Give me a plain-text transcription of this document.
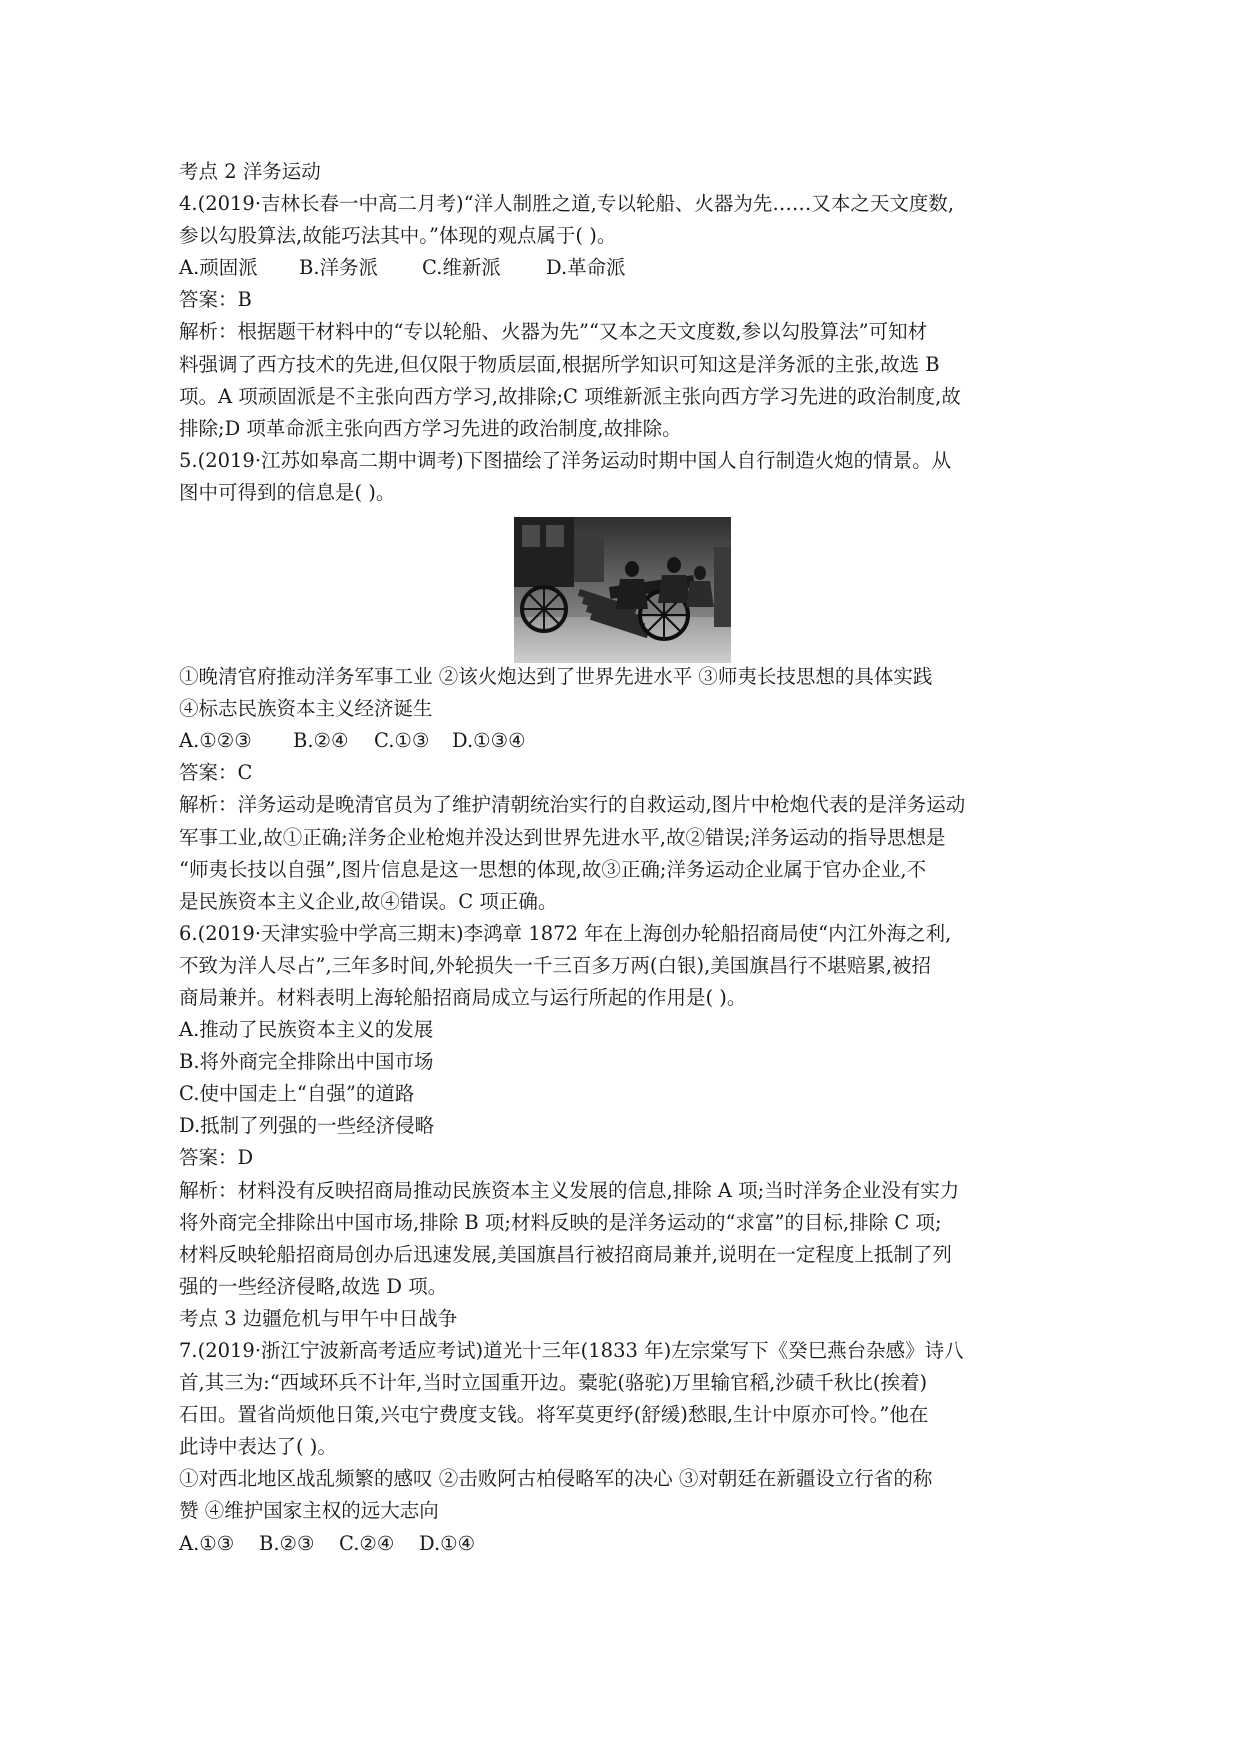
考点 2 洋务运动
4.(2019·吉林长春一中高二月考)“洋人制胜之道,专以轮船、火器为先……又本之天文度数,
参以勾股算法,故能巧法其中。”体现的观点属于( )。
A.顽固派 B.洋务派 C.维新派 D.革命派
答案：B
解析：根据题干材料中的“专以轮船、火器为先”“又本之天文度数,参以勾股算法”可知材
料强调了西方技术的先进,但仅限于物质层面,根据所学知识可知这是洋务派的主张,故选 B
项。A 项顽固派是不主张向西方学习,故排除;C 项维新派主张向西方学习先进的政治制度,故
排除;D 项革命派主张向西方学习先进的政治制度,故排除。
5.(2019·江苏如皋高二期中调考)下图描绘了洋务运动时期中国人自行制造火炮的情景。从
图中可得到的信息是( )。
①晚清官府推动洋务军事工业 ②该火炮达到了世界先进水平 ③师夷长技思想的具体实践
④标志民族资本主义经济诞生
A.①②③ B.②④ C.①③ D.①③④
答案：C
解析：洋务运动是晚清官员为了维护清朝统治实行的自救运动,图片中枪炮代表的是洋务运动
军事工业,故①正确;洋务企业枪炮并没达到世界先进水平,故②错误;洋务运动的指导思想是
“师夷长技以自强”,图片信息是这一思想的体现,故③正确;洋务运动企业属于官办企业,不
是民族资本主义企业,故④错误。C 项正确。
6.(2019·天津实验中学高三期末)李鸿章 1872 年在上海创办轮船招商局使“内江外海之利,
不致为洋人尽占”,三年多时间,外轮损失一千三百多万两(白银),美国旗昌行不堪赔累,被招
商局兼并。材料表明上海轮船招商局成立与运行所起的作用是( )。
A.推动了民族资本主义的发展
B.将外商完全排除出中国市场
C.使中国走上“自强”的道路
D.抵制了列强的一些经济侵略
答案：D
解析：材料没有反映招商局推动民族资本主义发展的信息,排除 A 项;当时洋务企业没有实力
将外商完全排除出中国市场,排除 B 项;材料反映的是洋务运动的“求富”的目标,排除 C 项;
材料反映轮船招商局创办后迅速发展,美国旗昌行被招商局兼并,说明在一定程度上抵制了列
强的一些经济侵略,故选 D 项。
考点 3 边疆危机与甲午中日战争
7.(2019·浙江宁波新高考适应考试)道光十三年(1833 年)左宗棠写下《癸巳燕台杂感》诗八
首,其三为:“西域环兵不计年,当时立国重开边。橐驼(骆驼)万里输官稻,沙碛千秋比(挨着)
石田。置省尚烦他日策,兴屯宁费度支钱。将军莫更纾(舒缓)愁眼,生计中原亦可怜。”他在
此诗中表达了( )。
①对西北地区战乱频繁的感叹 ②击败阿古柏侵略军的决心 ③对朝廷在新疆设立行省的称
赞 ④维护国家主权的远大志向
A.①③ B.②③ C.②④ D.①④
